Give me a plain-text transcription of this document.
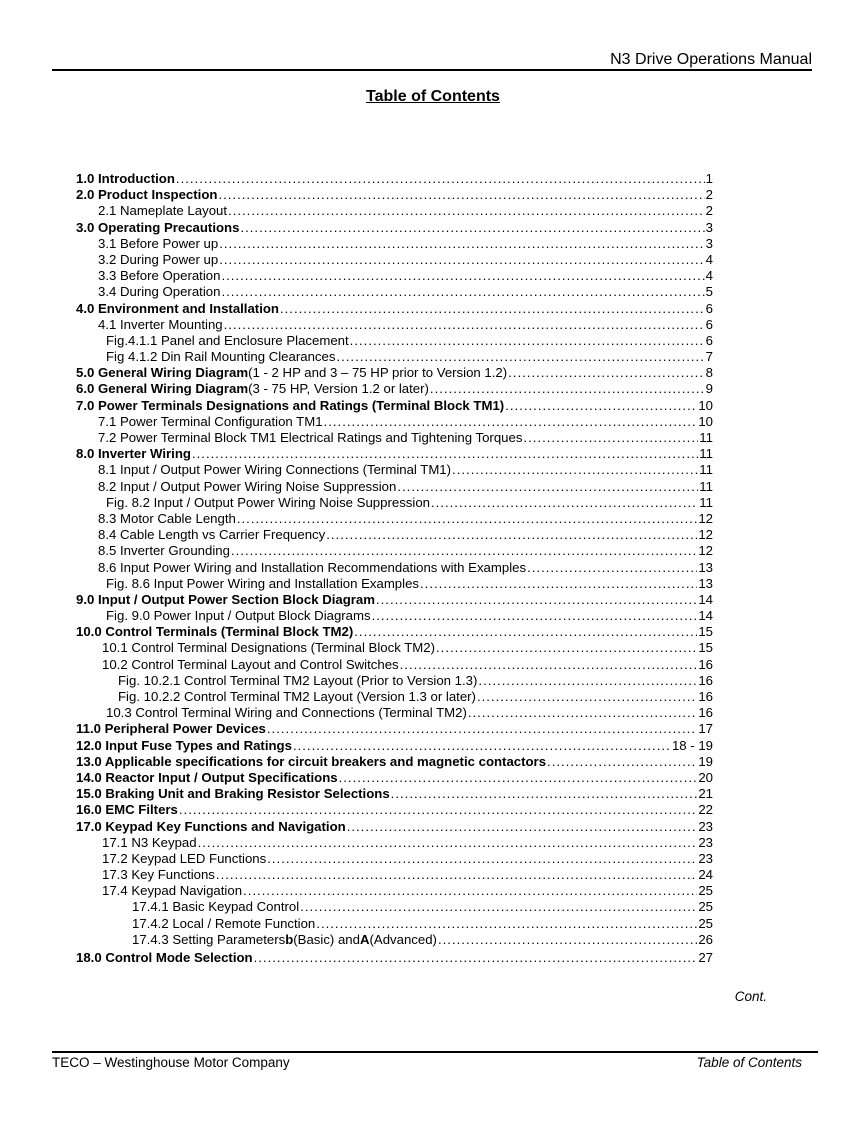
N3 Drive Operations Manual
Table of Contents
1.0 Introduction .....	1
2.0 Product Inspection .....	2
2.1 Nameplate Layout .....	2
3.0 Operating Precautions .....	3
3.1 Before Power up .....	3
3.2 During Power up .....	4
3.3 Before Operation .....	4
3.4 During Operation .....	5
4.0 Environment and Installation .....	6
4.1 Inverter Mounting .....	6
Fig.4.1.1 Panel and Enclosure Placement .....	6
Fig 4.1.2 Din Rail Mounting Clearances .....	7
5.0 General Wiring Diagram (1 - 2 HP and 3 – 75 HP prior to Version 1.2) .....	8
6.0 General Wiring Diagram (3 - 75 HP, Version 1.2 or later) .....	9
7.0 Power Terminals Designations and Ratings (Terminal Block TM1) .....	10
7.1 Power Terminal Configuration TM1 .....	10
7.2 Power Terminal Block TM1 Electrical Ratings and Tightening Torques .....	11
8.0 Inverter Wiring .....	11
8.1 Input / Output Power Wiring Connections (Terminal TM1) .....	11
8.2 Input / Output Power Wiring Noise Suppression .....	11
Fig. 8.2 Input / Output Power Wiring Noise Suppression .....	11
8.3 Motor Cable Length .....	12
8.4 Cable Length vs Carrier Frequency .....	12
8.5 Inverter Grounding .....	12
8.6 Input Power Wiring and Installation Recommendations with Examples .....	13
Fig. 8.6 Input Power Wiring and Installation Examples .....	13
9.0 Input / Output Power Section Block Diagram .....	14
Fig. 9.0 Power Input / Output Block Diagrams .....	14
10.0 Control Terminals (Terminal Block TM2) .....	15
10.1 Control Terminal Designations (Terminal Block TM2) .....	15
10.2 Control Terminal Layout and Control Switches .....	16
Fig. 10.2.1 Control Terminal TM2 Layout (Prior to Version 1.3) .....	16
Fig. 10.2.2 Control Terminal TM2 Layout (Version 1.3 or later) .....	16
10.3 Control Terminal Wiring and Connections (Terminal TM2) .....	16
11.0 Peripheral Power Devices .....	17
12.0 Input Fuse Types and Ratings .....	18 - 19
13.0 Applicable specifications for circuit breakers and magnetic contactors .....	19
14.0 Reactor Input / Output Specifications .....	20
15.0 Braking Unit and Braking Resistor Selections .....	21
16.0 EMC Filters .....	22
17.0 Keypad Key Functions and Navigation .....	23
17.1 N3 Keypad .....	23
17.2 Keypad LED Functions .....	23
17.3 Key Functions .....	24
17.4 Keypad Navigation .....	25
17.4.1 Basic Keypad Control .....	25
17.4.2 Local / Remote Function .....	25
17.4.3 Setting Parameters b (Basic) and A (Advanced) .....	26
18.0 Control Mode Selection .....	27
Cont.
TECO – Westinghouse Motor Company	Table of Contents
